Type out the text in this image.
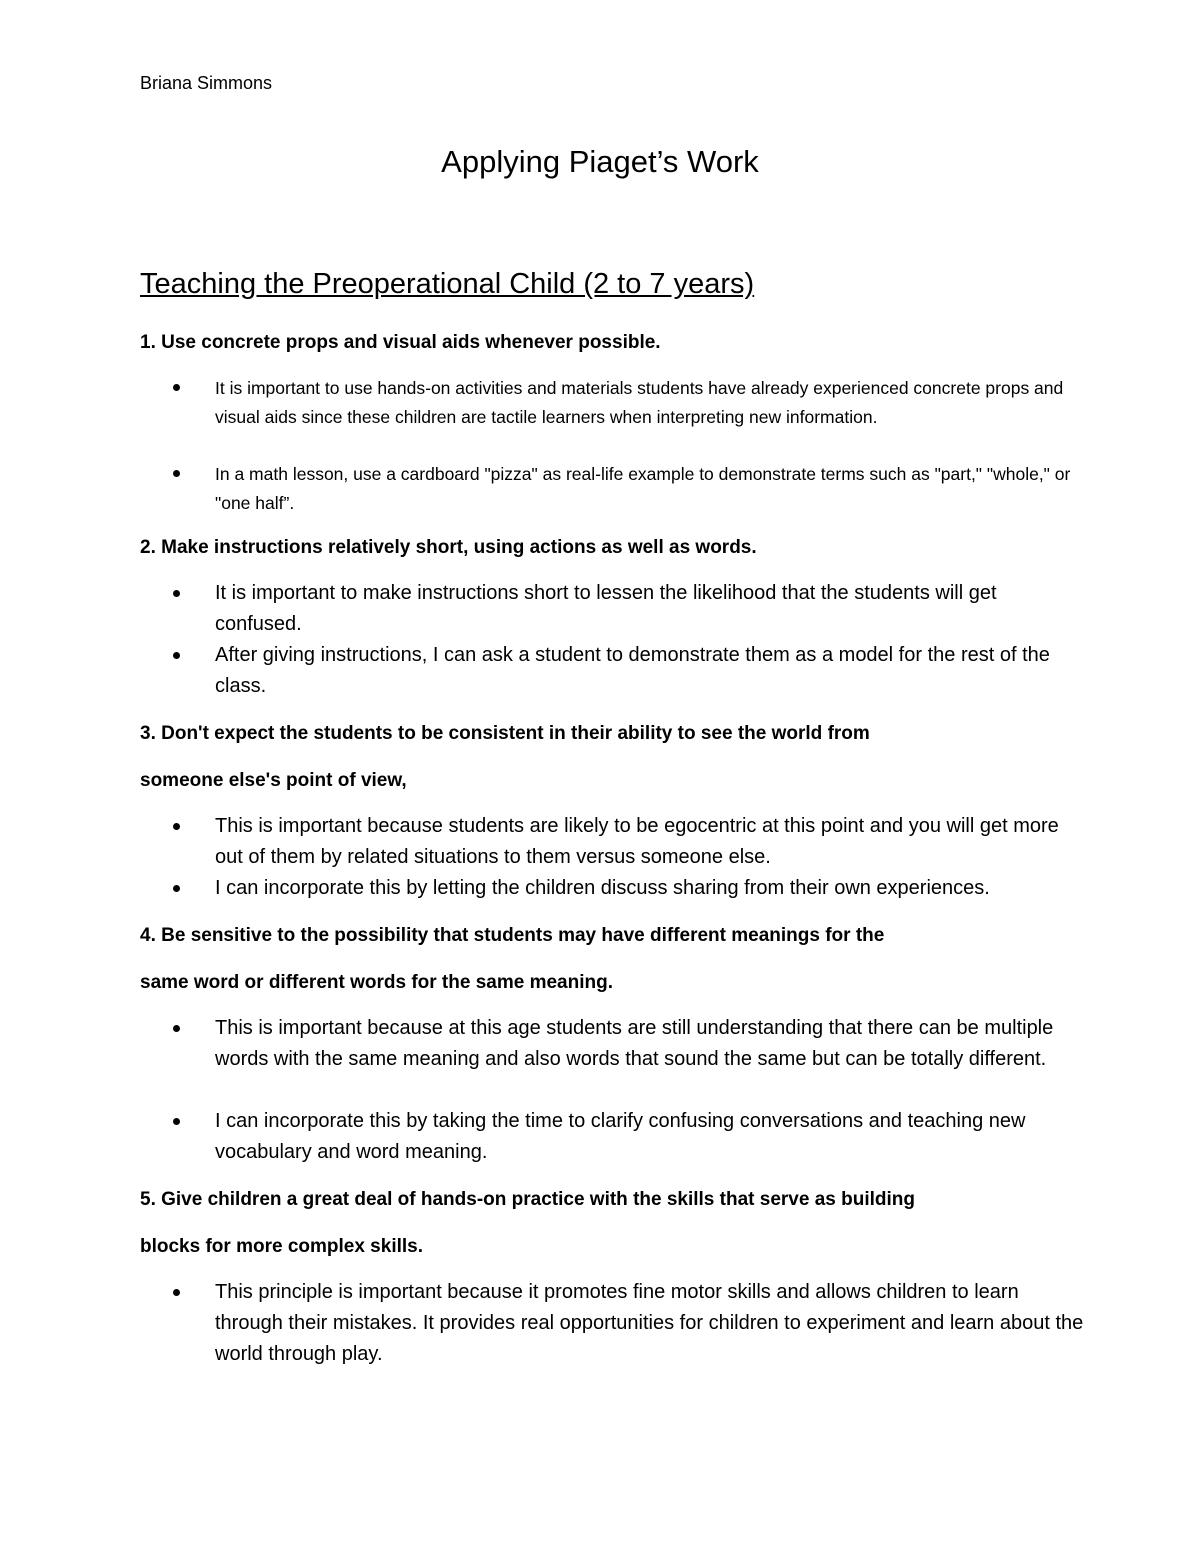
Briana Simmons
Applying Piaget’s Work
Teaching the Preoperational Child (2 to 7 years)
1. Use concrete props and visual aids whenever possible.
It is important to use hands-on activities and materials students have already experienced concrete props and visual aids since these children are tactile learners when interpreting new information.
In a math lesson, use a cardboard "pizza" as real-life example to demonstrate terms such as "part," "whole," or "one half”.
2. Make instructions relatively short, using actions as well as words.
It is important to make instructions short to lessen the likelihood that the students will get confused.
After giving instructions, I can ask a student to demonstrate them as a model for the rest of the class.
3. Don't expect the students to be consistent in their ability to see the world from
someone else's point of view,
This is important because students are likely to be egocentric at this point and you will get more out of them by related situations to them versus someone else.
I can incorporate this by letting the children discuss sharing from their own experiences.
4. Be sensitive to the possibility that students may have different meanings for the
same word or different words for the same meaning.
This is important because at this age students are still understanding that there can be multiple words with the same meaning and also words that sound the same but can be totally different.
I can incorporate this by taking the time to clarify confusing conversations and teaching new vocabulary and word meaning.
5. Give children a great deal of hands-on practice with the skills that serve as building
blocks for more complex skills.
This principle is important because it promotes fine motor skills and allows children to learn through their mistakes. It provides real opportunities for children to experiment and learn about the world through play.
